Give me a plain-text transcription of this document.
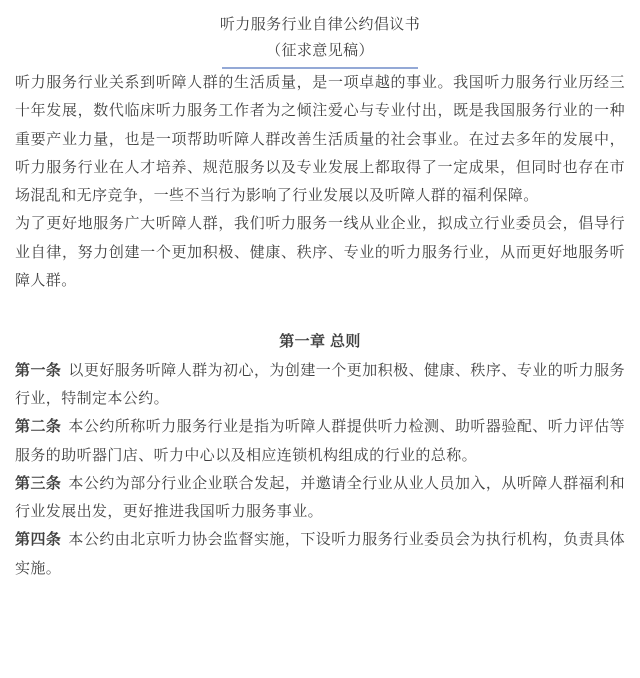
听力服务行业自律公约倡议书
（征求意见稿）

听力服务行业关系到听障人群的生活质量，是一项卓越的事业。我国听力服务行业历经三十年发展，数代临床听力服务工作者为之倾注爱心与专业付出，既是我国服务行业的一种重要产业力量，也是一项帮助听障人群改善生活质量的社会事业。在过去多年的发展中，听力服务行业在人才培养、规范服务以及专业发展上都取得了一定成果，但同时也存在市场混乱和无序竞争，一些不当行为影响了行业发展以及听障人群的福利保障。

为了更好地服务广大听障人群，我们听力服务一线从业企业，拟成立行业委员会，倡导行业自律，努力创建一个更加积极、健康、秩序、专业的听力服务行业，从而更好地服务听障人群。

第一章 总则

第一条 以更好服务听障人群为初心，为创建一个更加积极、健康、秩序、专业的听力服务行业，特制定本公约。

第二条 本公约所称听力服务行业是指为听障人群提供听力检测、助听器验配、听力评估等服务的助听器门店、听力中心以及相应连锁机构组成的行业的总称。

第三条 本公约为部分行业企业联合发起，并邀请全行业从业人员加入，从听障人群福利和行业发展出发，更好推进我国听力服务事业。

第四条 本公约由北京听力协会监督实施，下设听力服务行业委员会为执行机构，负责具体实施。
